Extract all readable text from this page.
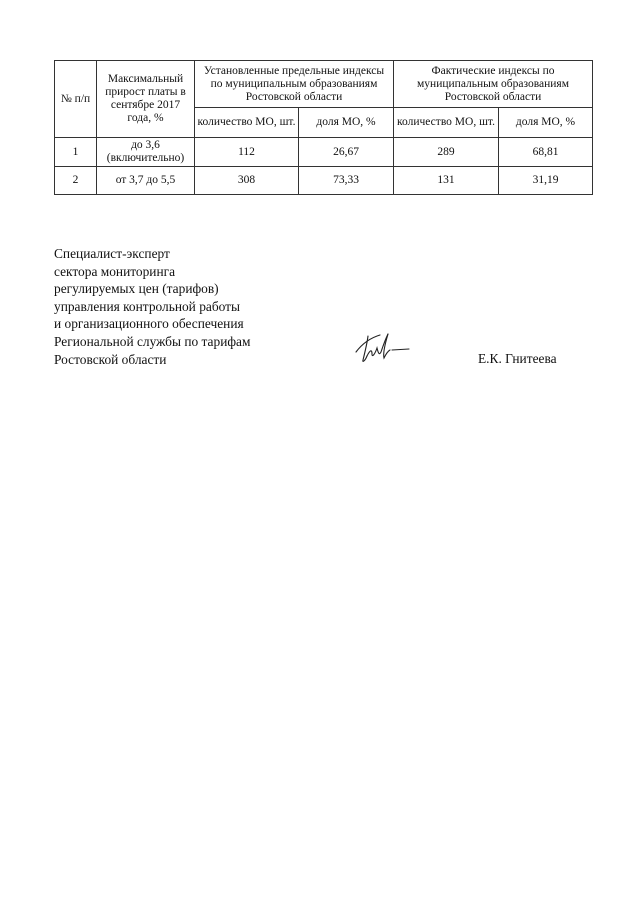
№ п/п	Максимальный прирост платы в сентябре 2017 года, %	Установленные предельные индексы по муниципальным образованиям Ростовской области		Фактические индексы по муниципальным образованиям Ростовской области	
		количество МО, шт.	доля МО, %	количество МО, шт.	доля МО, %
1	до 3,6 (включительно)	112	26,67	289	68,81
2	от 3,7 до 5,5	308	73,33	131	31,19
Специалист-эксперт
сектора мониторинга
регулируемых цен (тарифов)
управления контрольной работы
и организационного обеспечения
Региональной службы по тарифам
Ростовской области	Е.К. Гнитеева
